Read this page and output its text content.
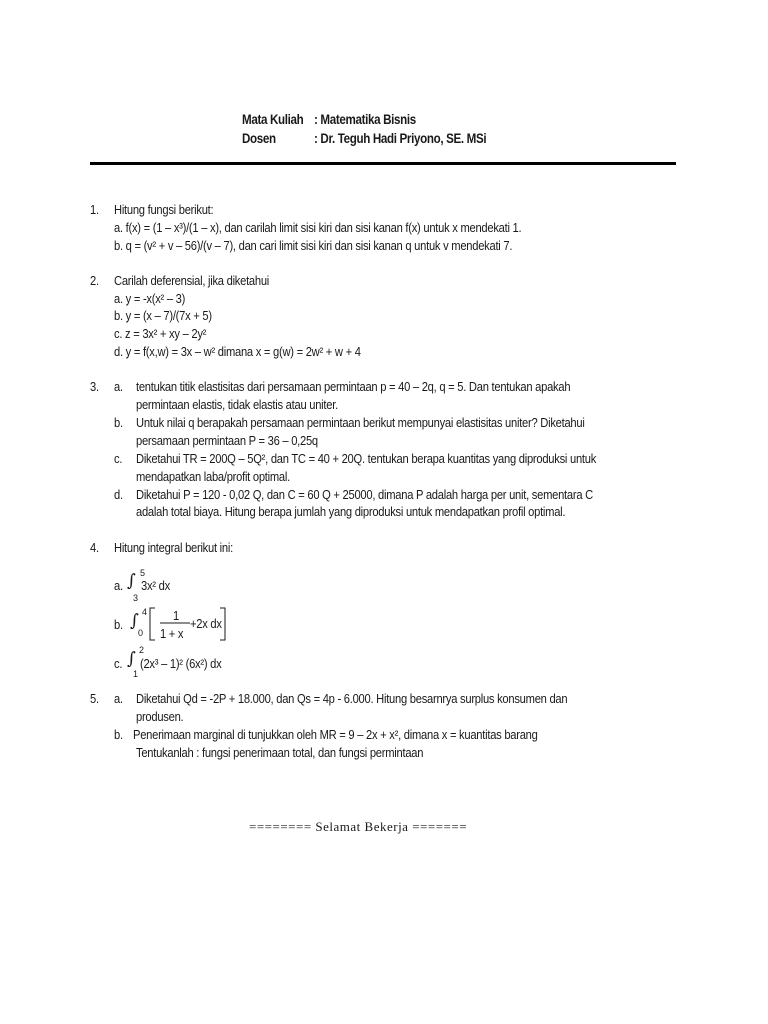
Mata Kuliah : Matematika Bisnis
Dosen	: Dr. Teguh Hadi Priyono, SE. MSi
1. Hitung fungsi berikut:
a. f(x) = (1 – x³)/(1 – x), dan carilah limit sisi kiri dan sisi kanan f(x) untuk x mendekati 1.
b. q = (v² + v – 56)/(v – 7), dan cari limit sisi kiri dan sisi kanan q untuk v mendekati 7.
2. Carilah deferensial, jika diketahui
a. y = -x(x² – 3)
b. y = (x – 7)/(7x + 5)
c. z = 3x² + xy – 2y²
d. y = f(x,w) = 3x – w² dimana x = g(w) = 2w² + w + 4
3. a. tentukan titik elastisitas dari persamaan permintaan p = 40 – 2q, q = 5. Dan tentukan apakah
permintaan elastis, tidak elastis atau uniter.
b. Untuk nilai q berapakah persamaan permintaan berikut mempunyai elastisitas uniter? Diketahui
persamaan permintaan P = 36 – 0,25q
c. Diketahui TR = 200Q – 5Q², dan TC = 40 + 20Q. tentukan berapa kuantitas yang diproduksi untuk
mendapatkan laba/profit optimal.
d. Diketahui P = 120 - 0,02 Q, dan C = 60 Q + 25000, dimana P adalah harga per unit, sementara C
adalah total biaya. Hitung berapa jumlah yang diproduksi untuk mendapatkan profil optimal.
4. Hitung integral berikut ini:
a. ∫ 5
3
3x² dx
b. ∫ 4
0
1
1 + x
+2x dx
c. ∫ 2
1
(2x³ – 1)² (6x²) dx
5. a. Diketahui Qd = -2P + 18.000, dan Qs = 4p - 6.000. Hitung besarnrya surplus konsumen dan
produsen.
b. Penerimaan marginal di tunjukkan oleh MR = 9 – 2x + x², dimana x = kuantitas barang
Tentukanlah : fungsi penerimaan total, dan fungsi permintaan
======== Selamat Bekerja =======
